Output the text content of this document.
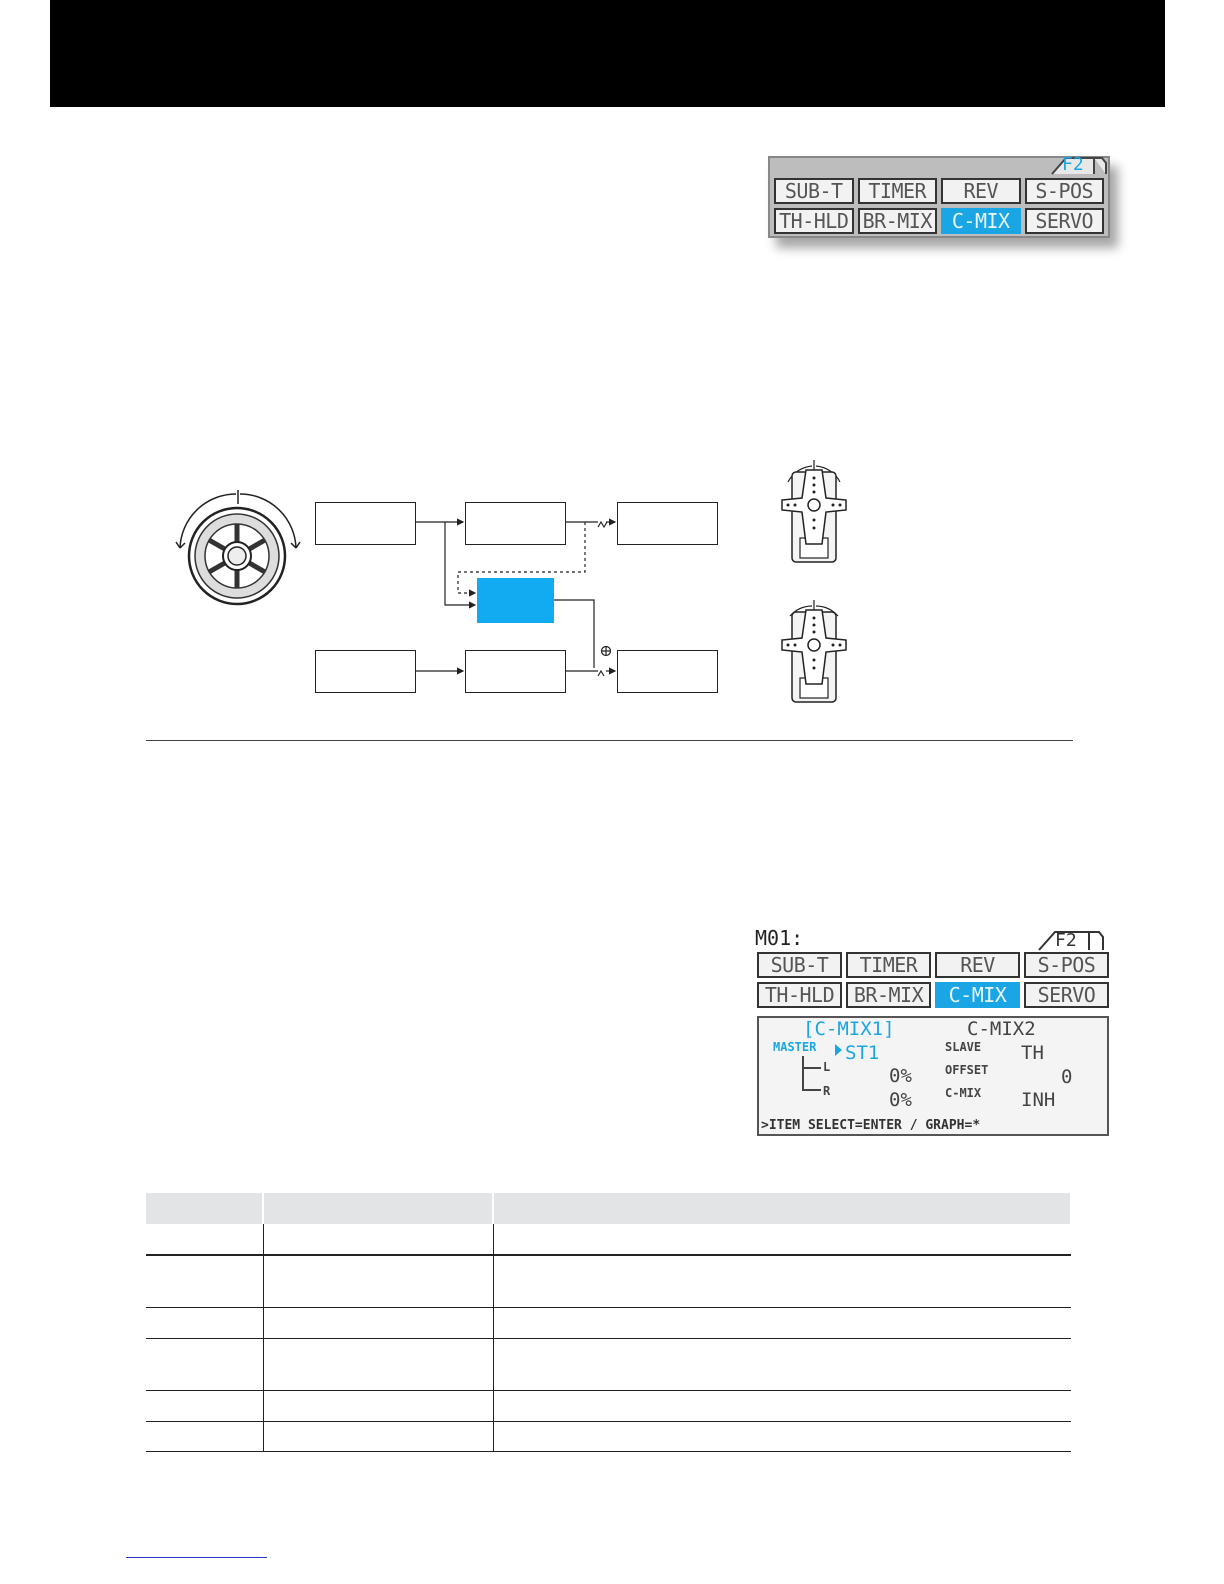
F2
SUB-T	TIMER	REV	S-POS
TH-HLD BR-MIX	C-MIX	SERVO
M01:	F2
SUB-T	TIMER	REV	S-POS
TH-HLD BR-MIX	C-MIX	SERVO
[C-MIX1]	C-MIX2
MASTER ST1
L	0%
R	0%
SLAVE TH
OFFSET	0
C-MIX INH
>ITEM SELECT=ENTER / GRAPH=*
